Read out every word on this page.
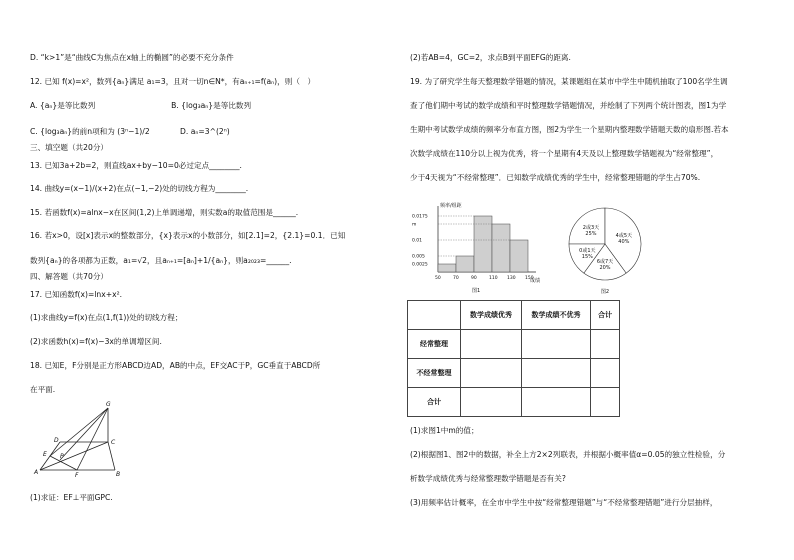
D. “k>1”是“曲线C为焦点在x轴上的椭圆”的必要不充分条件
12. 已知 f(x)=x²，数列{aₙ}满足 a₁=3，且对一切n∈N*，有aₙ₊₁=f(aₙ)，则（　）
A. {aₙ}是等比数列　　　　　　　　　　B. {log₃aₙ}是等比数列
C. {log₃aₙ}的前n项和为 (3ⁿ−1)/2　　　　D. aₙ=3^(2ⁿ)
三、填空题（共20分）
13. 已知3a+2b=2，则直线ax+by−10=0必过定点________.
14. 曲线y=(x−1)/(x+2)在点(−1,−2)处的切线方程为________.
15. 若函数f(x)=alnx−x在区间(1,2)上单调递增，则实数a的取值范围是______.
16. 若x>0，设[x]表示x的整数部分，{x}表示x的小数部分，如[2.1]=2，{2.1}=0.1．已知
数列{aₙ}的各项都为正数，a₁=√2，且aₙ₊₁=[aₙ]+1/{aₙ}，则a₂₀₂₃=______.
四、解答题（共70分）
17. 已知函数f(x)=lnx+x².
(1)求曲线y=f(x)在点(1,f(1))处的切线方程；
(2)求函数h(x)=f(x)−3x的单调增区间.
18. 已知E，F分别是正方形ABCD边AD，AB的中点，EF交AC于P，GC垂直于ABCD所
在平面.
(1)求证：EF⊥平面GPC.
G
D	C
E P
A	F	B
(2)若AB=4，GC=2，求点B到平面EFG的距离.
19. 为了研究学生每天整理数学错题的情况，某课题组在某市中学生中随机抽取了100名学生调
查了他们期中考试的数学成绩和平时整理数学错题情况，并绘制了下列两个统计图表，图1为学
生期中考试数学成绩的频率分布直方图，图2为学生一个星期内整理数学错题天数的扇形图.若本
次数学成绩在110分以上视为优秀，将一个星期有4天及以上整理数学错题视为“经常整理”，
少于4天视为“不经常整理”．已知数学成绩优秀的学生中，经常整理错题的学生占70%.
(1)求图1中m的值；
(2)根据图1、图2中的数据，补全上方2×2列联表，并根据小概率值α=0.05的独立性检验，分
析数学成绩优秀与经常整理数学错题是否有关?
(3)用频率估计概率，在全市中学生中按“经常整理错题”与“不经常整理错题”进行分层抽样，
频率/组距
成绩
50	70	90	110 130 150
0.0025
0.005
0.01
m
0.0175
图1
2或3天
25%	4或5天
40%
6或7天
20%
0或1天
15%
图2
	数学成绩优秀	数学成绩不优秀	合计
经常整理			
不经常整理			
合计			
